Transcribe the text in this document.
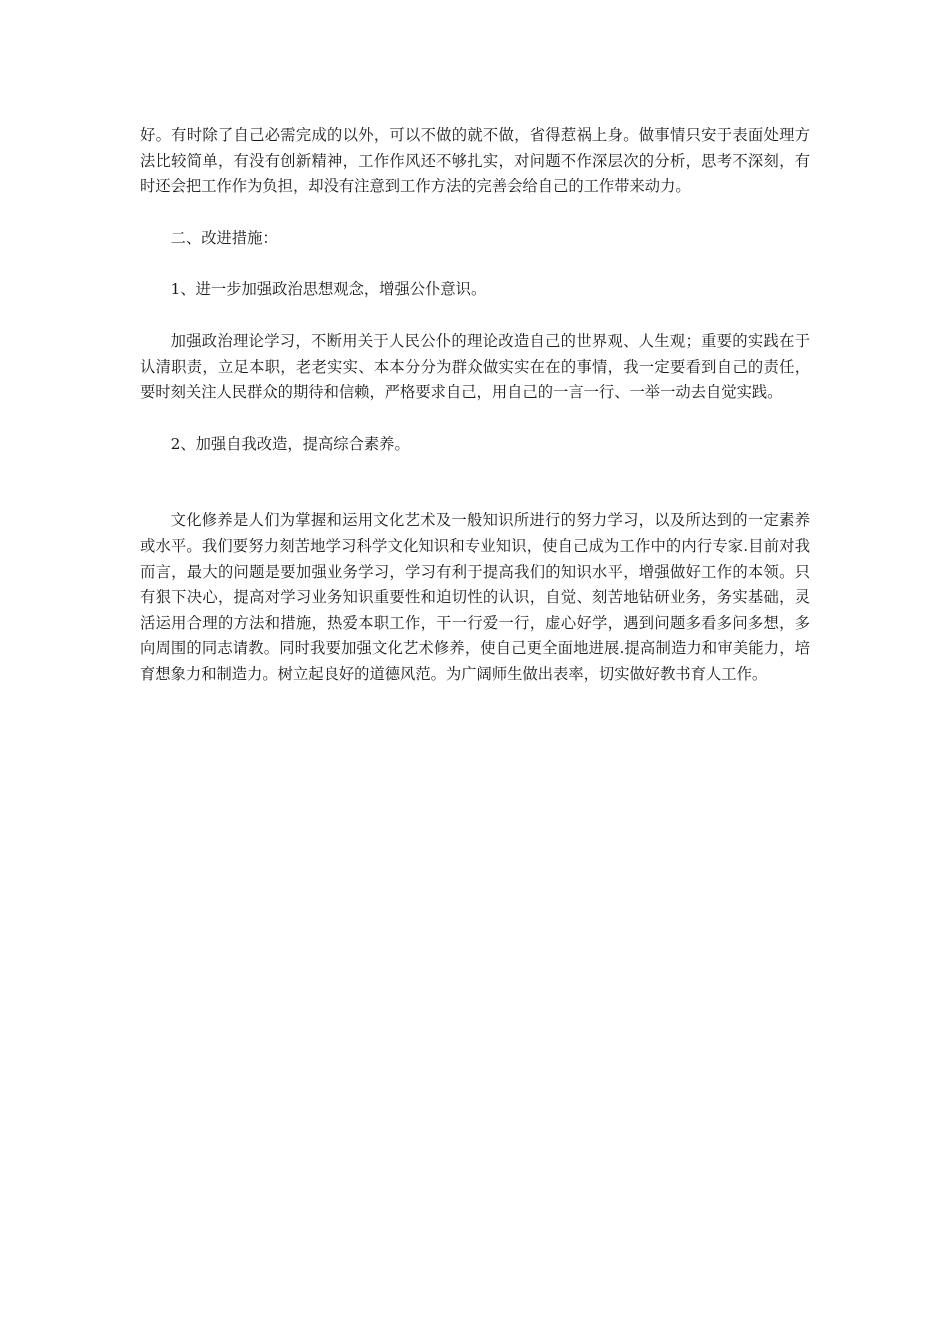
好。有时除了自己必需完成的以外，可以不做的就不做，省得惹祸上身。做事情只安于表面处理方法比较简单，有没有创新精神，工作作风还不够扎实，对问题不作深层次的分析，思考不深刻，有时还会把工作作为负担，却没有注意到工作方法的完善会给自己的工作带来动力。

二、改进措施：

1、进一步加强政治思想观念，增强公仆意识。

加强政治理论学习，不断用关于人民公仆的理论改造自己的世界观、人生观；重要的实践在于认清职责，立足本职，老老实实、本本分分为群众做实实在在的事情，我一定要看到自己的责任，要时刻关注人民群众的期待和信赖，严格要求自己，用自己的一言一行、一举一动去自觉实践。

2、加强自我改造，提高综合素养。

文化修养是人们为掌握和运用文化艺术及一般知识所进行的努力学习，以及所达到的一定素养或水平。我们要努力刻苦地学习科学文化知识和专业知识，使自己成为工作中的内行专家.目前对我而言，最大的问题是要加强业务学习，学习有利于提高我们的知识水平，增强做好工作的本领。只有狠下决心，提高对学习业务知识重要性和迫切性的认识，自觉、刻苦地钻研业务，务实基础，灵活运用合理的方法和措施，热爱本职工作，干一行爱一行，虚心好学，遇到问题多看多问多想，多向周围的同志请教。同时我要加强文化艺术修养，使自己更全面地进展.提高制造力和审美能力，培育想象力和制造力。树立起良好的道德风范。为广阔师生做出表率，切实做好教书育人工作。
